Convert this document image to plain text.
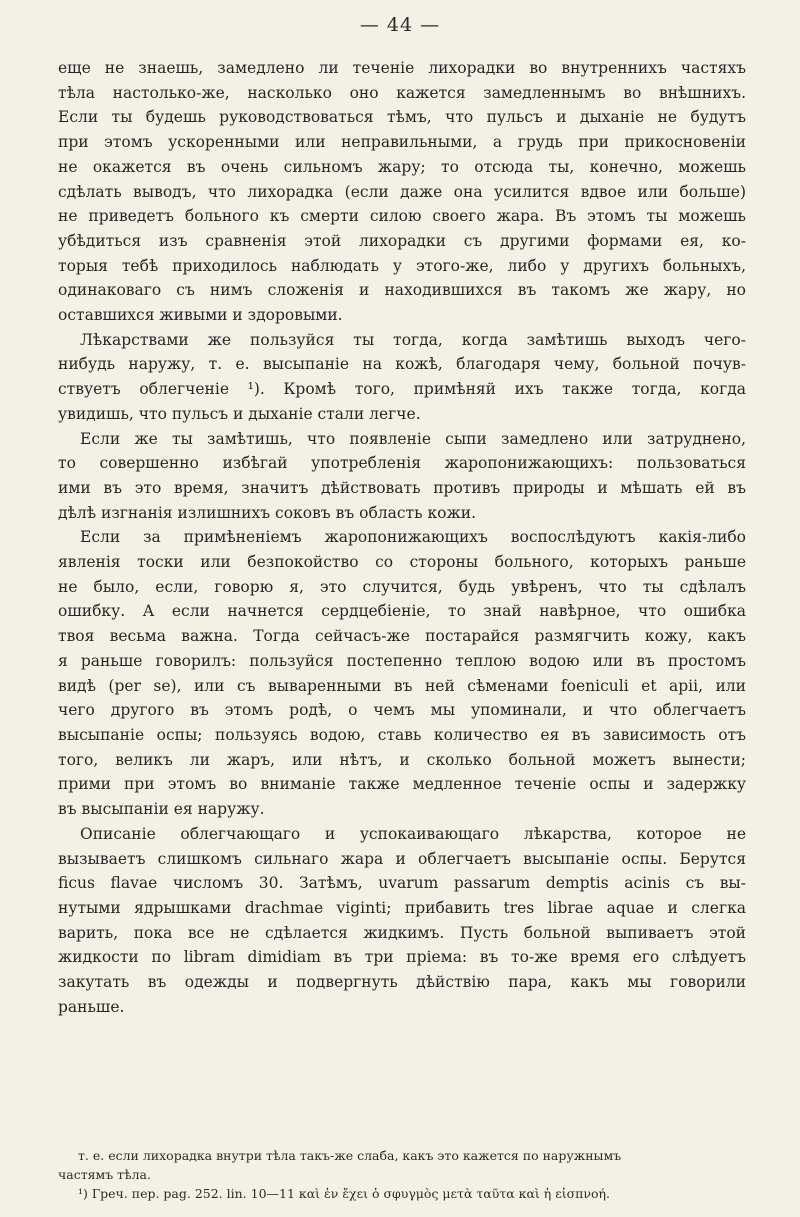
— 44 —
еще не знаешь, замедлено ли теченіе лихорадки во внутреннихъ частяхъ
тѣла настолько-же, насколько оно кажется замедленнымъ во внѣшнихъ.
Если ты будешь руководствоваться тѣмъ, что пульсъ и дыханіе не будутъ
при этомъ ускоренными или неправильными, а грудь при прикосновеніи
не окажется въ очень сильномъ жару; то отсюда ты, конечно, можешь
сдѣлать выводъ, что лихорадка (если даже она усилится вдвое или больше)
не приведетъ больного къ смерти силою своего жара. Въ этомъ ты можешь
убѣдиться изъ сравненія этой лихорадки съ другими формами ея, ко-
торыя тебѣ приходилось наблюдать у этого-же, либо у другихъ больныхъ,
одинаковаго съ нимъ сложенія и находившихся въ такомъ же жару, но
оставшихся живыми и здоровыми.
Лѣкарствами же пользуйся ты тогда, когда замѣтишь выходъ чего-
нибудь наружу, т. е. высыпаніе на кожѣ, благодаря чему, больной почув-
ствуетъ облегченіе ¹). Кромѣ того, примѣняй ихъ также тогда, когда
увидишь, что пульсъ и дыханіе стали легче.
Если же ты замѣтишь, что появленіе сыпи замедлено или затруднено,
то совершенно избѣгай употребленія жаропонижающихъ: пользоваться
ими въ это время, значитъ дѣйствовать противъ природы и мѣшать ей въ
дѣлѣ изгнанія излишнихъ соковъ въ область кожи.
Если за примѣненіемъ жаропонижающихъ воспослѣдуютъ какія-либо
явленія тоски или безпокойство со стороны больного, которыхъ раньше
не было, если, говорю я, это случится, будь увѣренъ, что ты сдѣлалъ
ошибку. А если начнется сердцебіеніе, то знай навѣрное, что ошибка
твоя весьма важна. Тогда сейчасъ-же постарайся размягчить кожу, какъ
я раньше говорилъ: пользуйся постепенно теплою водою или въ простомъ
видѣ (per se), или съ вываренными въ ней сѣменами foeniculi et apii, или
чего другого въ этомъ родѣ, о чемъ мы упоминали, и что облегчаетъ
высыпаніе оспы; пользуясь водою, ставь количество ея въ зависимость отъ
того, великъ ли жаръ, или нѣтъ, и сколько больной можетъ вынести;
прими при этомъ во вниманіе также медленное теченіе оспы и задержку
въ высыпаніи ея наружу.
Описаніе облегчающаго и успокаивающаго лѣкарства, которое не
вызываетъ слишкомъ сильнаго жара и облегчаетъ высыпаніе оспы. Берутся
ficus flavae числомъ 30. Затѣмъ, uvarum passarum demptis acinis съ вы-
нутыми ядрышками drachmae viginti; прибавить tres librae aquae и слегка
варить, пока все не сдѣлается жидкимъ. Пусть больной выпиваетъ этой
жидкости по libram dimidiam въ три пріема: въ то-же время его слѣдуетъ
закутать въ одежды и подвергнуть дѣйствію пара, какъ мы говорили
раньше.
т. е. если лихорадка внутри тѣла такъ-же слаба, какъ это кажется по наружнымъ
частямъ тѣла.
¹) Греч. пер. pag. 252. lin. 10—11 καὶ ἐν ἔχει ὁ σφυγμὸς μετὰ ταῦτα καὶ ἡ εἰσπνοή.
